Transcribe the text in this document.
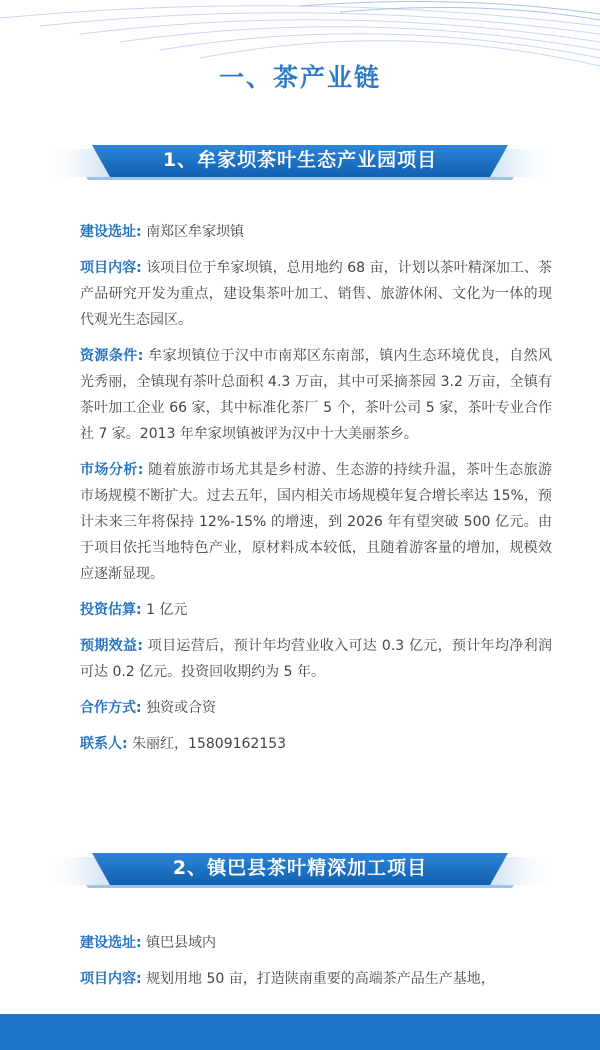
一、茶产业链
1、牟家坝茶叶生态产业园项目

建设选址: 南郑区牟家坝镇

项目内容: 该项目位于牟家坝镇，总用地约 68 亩，计划以茶叶精深加工、茶产品研究开发为重点，建设集茶叶加工、销售、旅游休闲、文化为一体的现代观光生态园区。

资源条件: 牟家坝镇位于汉中市南郑区东南部，镇内生态环境优良，自然风光秀丽，全镇现有茶叶总面积 4.3 万亩，其中可采摘茶园 3.2 万亩，全镇有茶叶加工企业 66 家，其中标准化茶厂 5 个，茶叶公司 5 家，茶叶专业合作社 7 家。2013 年牟家坝镇被评为汉中十大美丽茶乡。

市场分析: 随着旅游市场尤其是乡村游、生态游的持续升温，茶叶生态旅游市场规模不断扩大。过去五年，国内相关市场规模年复合增长率达 15%，预计未来三年将保持 12%-15% 的增速，到 2026 年有望突破 500 亿元。由于项目依托当地特色产业，原材料成本较低，且随着游客量的增加，规模效应逐渐显现。

投资估算: 1 亿元

预期效益: 项目运营后，预计年均营业收入可达 0.3 亿元，预计年均净利润可达 0.2 亿元。投资回收期约为 5 年。

合作方式: 独资或合资

联系人: 朱丽红，15809162153

2、镇巴县茶叶精深加工项目

建设选址: 镇巴县域内

项目内容: 规划用地 50 亩，打造陕南重要的高端茶产品生产基地，
